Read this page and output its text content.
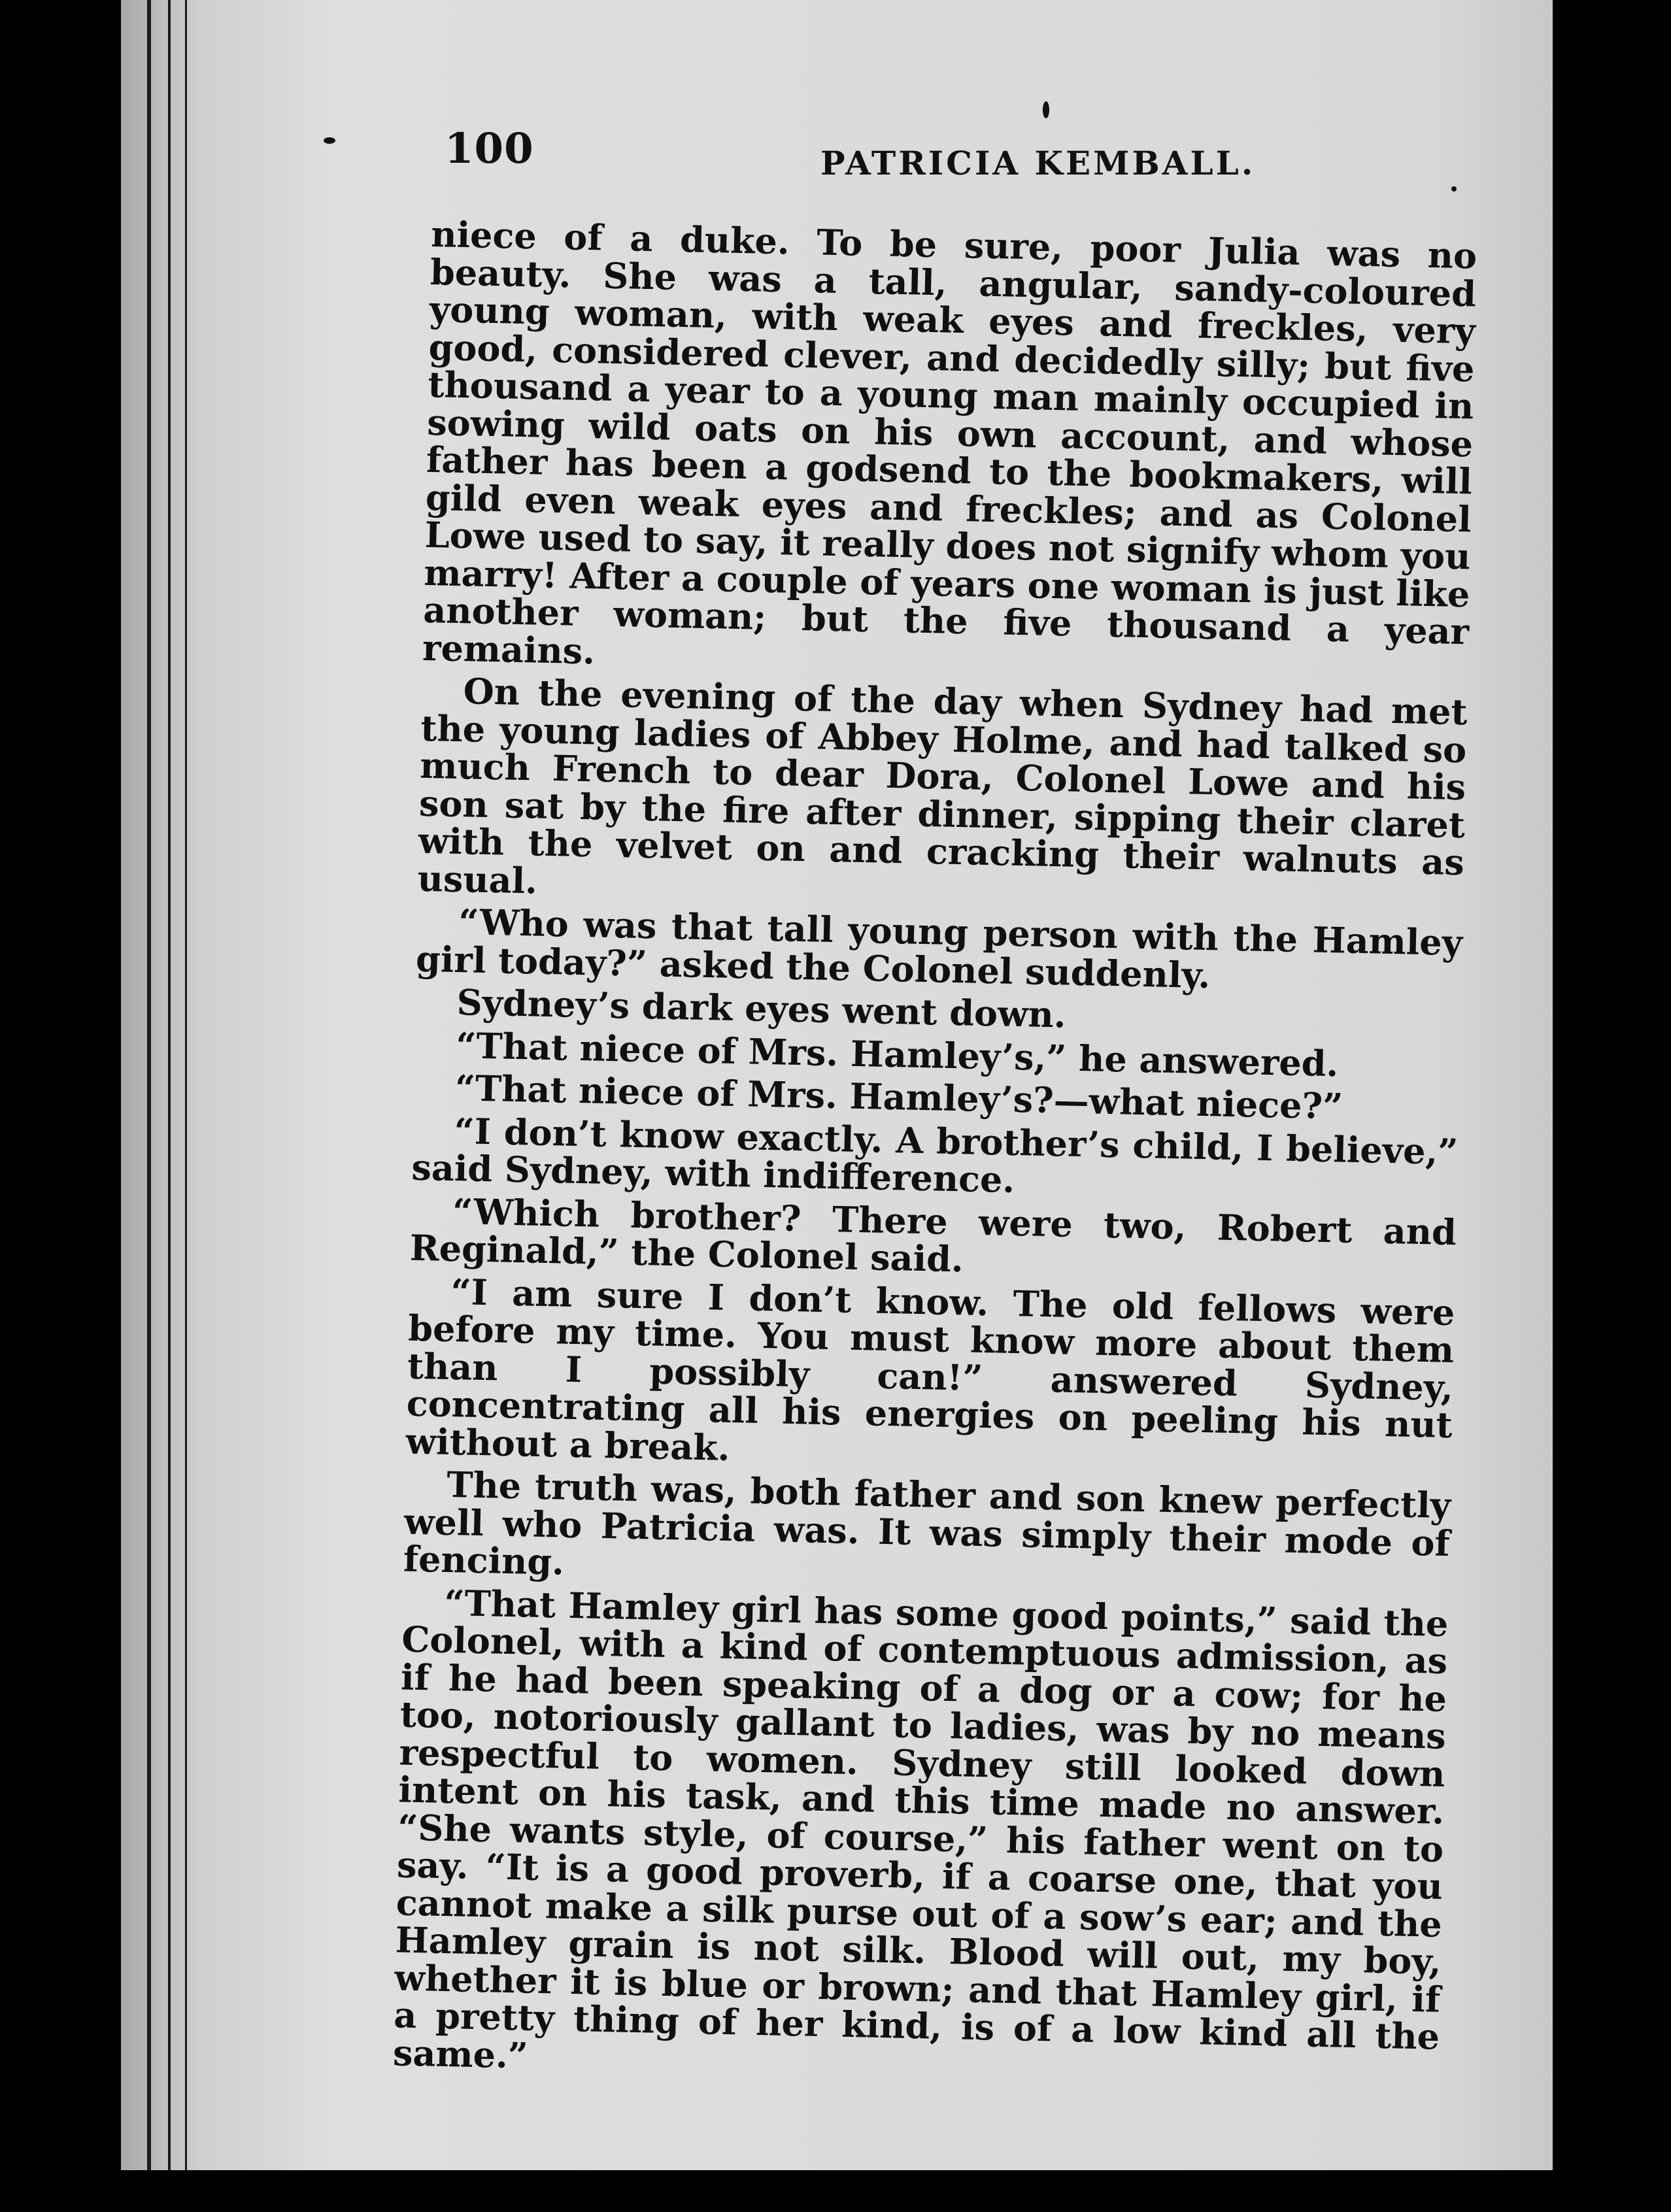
100	PATRICIA KEMBALL.

niece of a duke. To be sure, poor Julia was no beauty. She was a tall, angular, sandy-coloured young woman, with weak eyes and freckles, very good, considered clever, and decidedly silly; but five thousand a year to a young man mainly occupied in sowing wild oats on his own account, and whose father has been a godsend to the bookmakers, will gild even weak eyes and freckles; and as Colonel Lowe used to say, it really does not signify whom you marry! After a couple of years one woman is just like another woman; but the five thousand a year remains.

On the evening of the day when Sydney had met the young ladies of Abbey Holme, and had talked so much French to dear Dora, Colonel Lowe and his son sat by the fire after dinner, sipping their claret with the velvet on and cracking their walnuts as usual.

“Who was that tall young person with the Hamley girl today?” asked the Colonel suddenly.

Sydney’s dark eyes went down.

“That niece of Mrs. Hamley’s,” he answered.

“That niece of Mrs. Hamley’s?—what niece?”

“I don’t know exactly. A brother’s child, I believe,” said Sydney, with indifference.

“Which brother? There were two, Robert and Reginald,” the Colonel said.

“I am sure I don’t know. The old fellows were before my time. You must know more about them than I possibly can!” answered Sydney, concentrating all his energies on peeling his nut without a break.

The truth was, both father and son knew perfectly well who Patricia was. It was simply their mode of fencing.

“That Hamley girl has some good points,” said the Colonel, with a kind of contemptuous admission, as if he had been speaking of a dog or a cow; for he too, notoriously gallant to ladies, was by no means respectful to women. Sydney still looked down intent on his task, and this time made no answer. “She wants style, of course,” his father went on to say. “It is a good proverb, if a coarse one, that you cannot make a silk purse out of a sow’s ear; and the Hamley grain is not silk. Blood will out, my boy, whether it is blue or brown; and that Hamley girl, if a pretty thing of her kind, is of a low kind all the same.”
